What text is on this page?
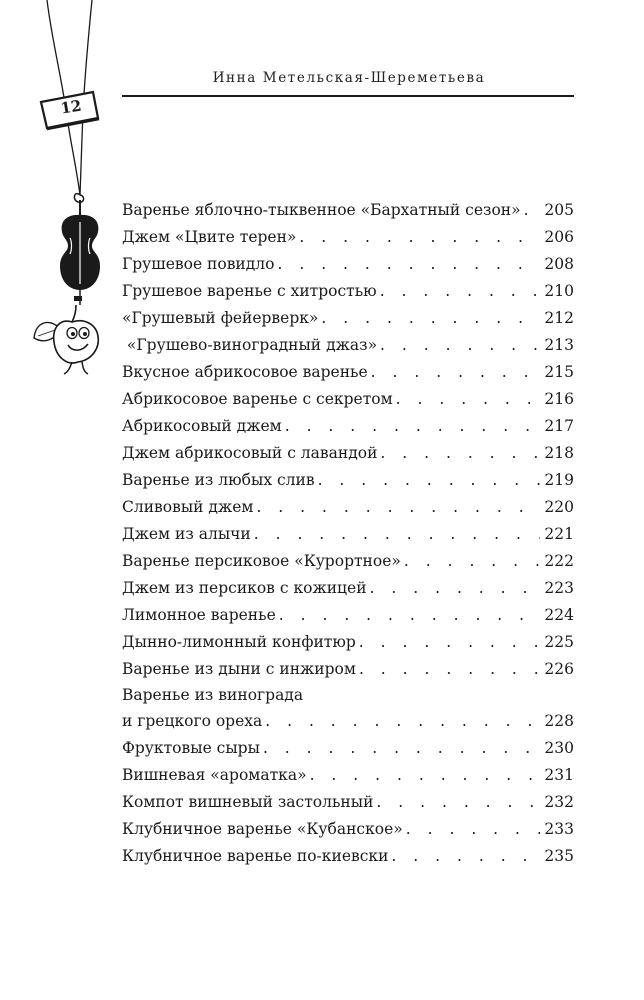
Инна Метельская-Шереметьева
12
Варенье яблочно-тыквенное «Бархатный сезон» . . . 205
Джем «Цвите терен» . . .	206
Грушевое повидло . . .	208
Грушевое варенье с хитростью . . .	210
«Грушевый фейерверк» . . .	212
«Грушево-виноградный джаз» . . .	213
Вкусное абрикосовое варенье . . .	215
Абрикосовое варенье с секретом . . .	216
Абрикосовый джем . . .	217
Джем абрикосовый с лавандой . . .	218
Варенье из любых слив . . .	219
Сливовый джем . . .	220
Джем из алычи . . .	221
Варенье персиковое «Курортное» . . .	222
Джем из персиков с кожицей . . .	223
Лимонное варенье . . .	224
Дынно-лимонный конфитюр . . .	225
Варенье из дыни с инжиром . . .	226
Варенье из винограда
и грецкого ореха . . .	228
Фруктовые сыры . . .	230
Вишневая «ароматка» . . .	231
Компот вишневый застольный . . .	232
Клубничное варенье «Кубанское» . . .	233
Клубничное варенье по-киевски . . .	235
